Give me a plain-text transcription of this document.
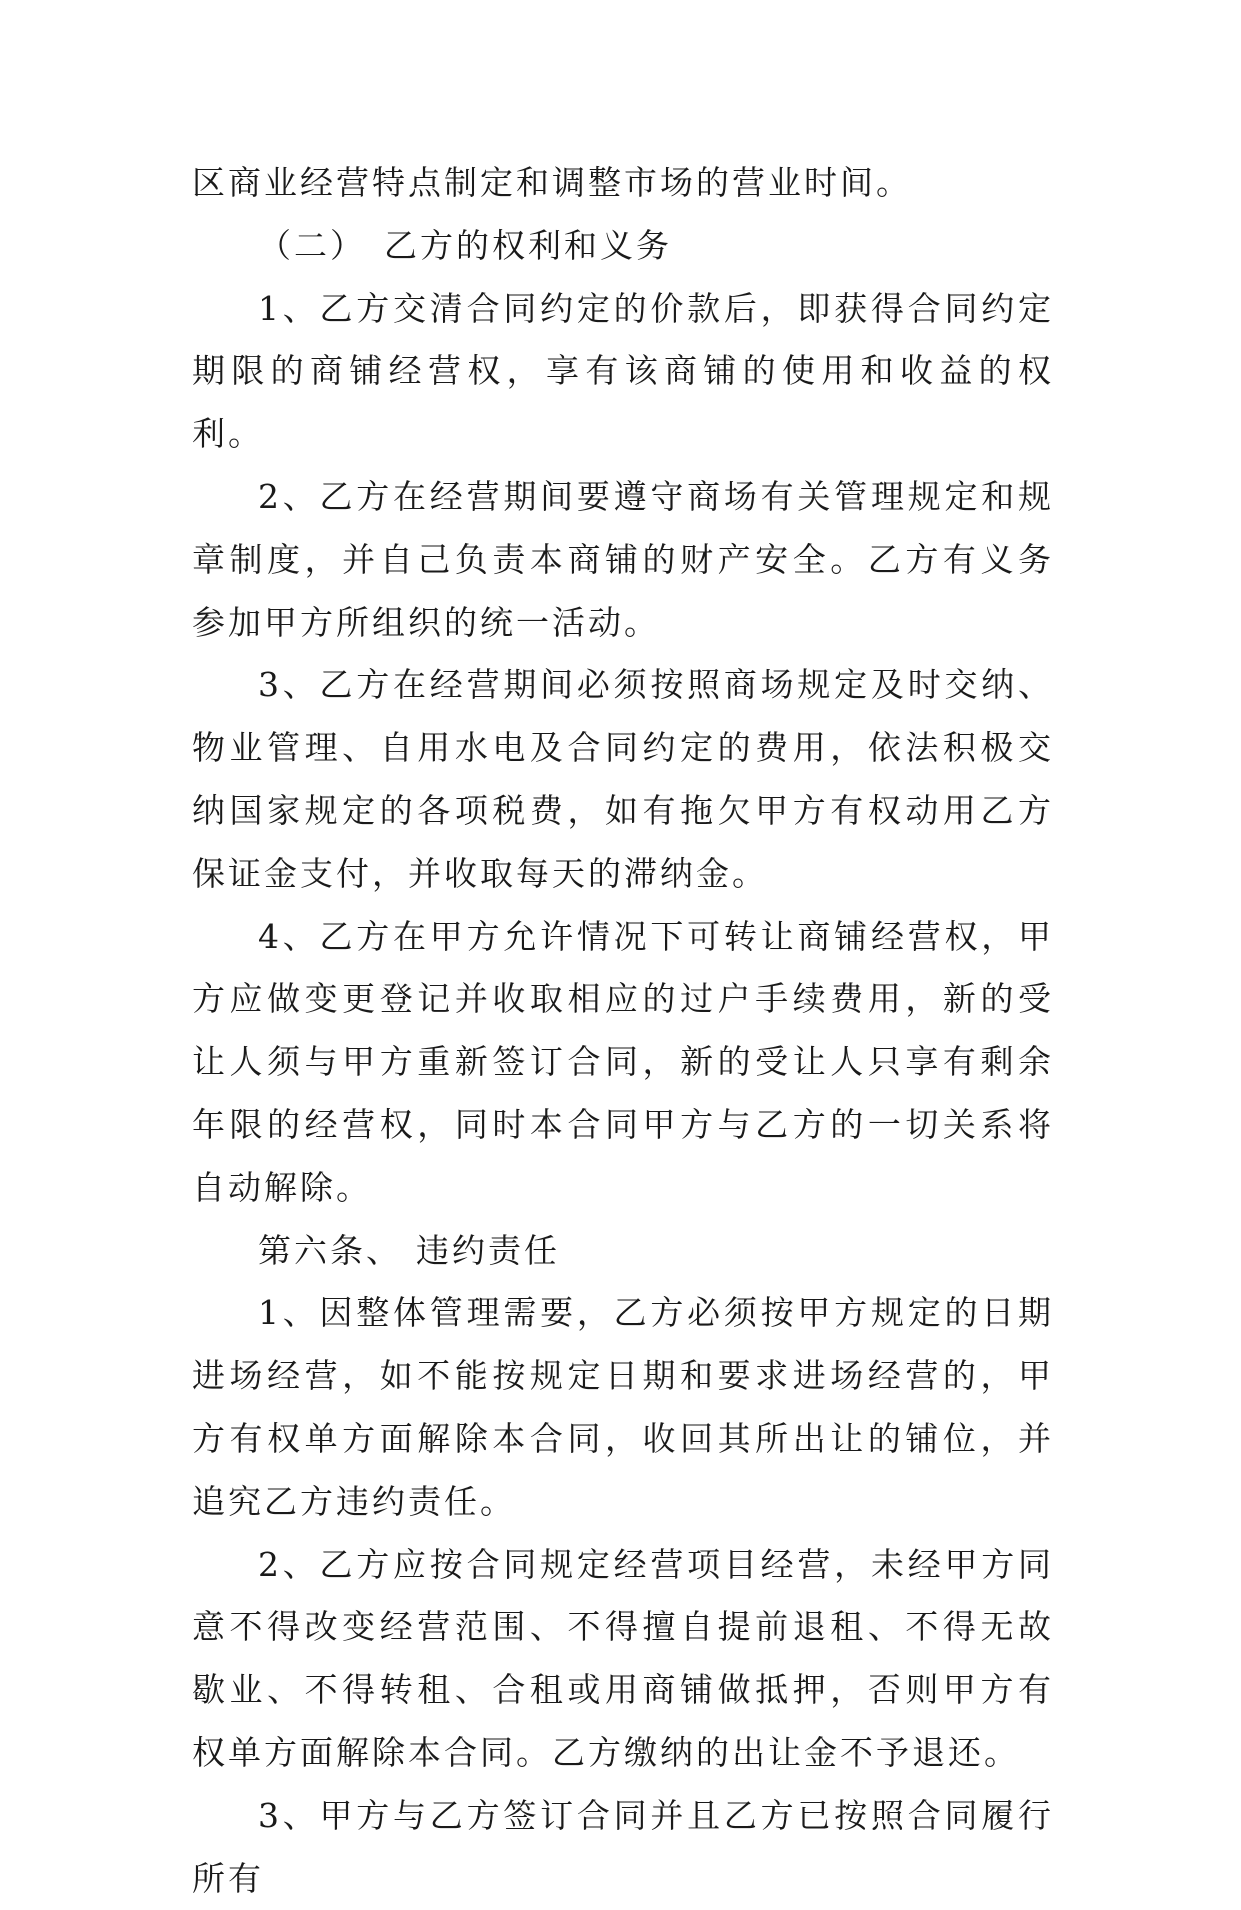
区商业经营特点制定和调整市场的营业时间。

（二） 乙方的权利和义务

1、乙方交清合同约定的价款后，即获得合同约定期限的商铺经营权，享有该商铺的使用和收益的权利。

2、乙方在经营期间要遵守商场有关管理规定和规章制度，并自己负责本商铺的财产安全。乙方有义务参加甲方所组织的统一活动。

3、乙方在经营期间必须按照商场规定及时交纳、物业管理、自用水电及合同约定的费用，依法积极交纳国家规定的各项税费，如有拖欠甲方有权动用乙方保证金支付，并收取每天的滞纳金。

4、乙方在甲方允许情况下可转让商铺经营权，甲方应做变更登记并收取相应的过户手续费用，新的受让人须与甲方重新签订合同，新的受让人只享有剩余年限的经营权，同时本合同甲方与乙方的一切关系将自动解除。

第六条、 违约责任

1、因整体管理需要，乙方必须按甲方规定的日期进场经营，如不能按规定日期和要求进场经营的，甲方有权单方面解除本合同，收回其所出让的铺位，并追究乙方违约责任。

2、乙方应按合同规定经营项目经营，未经甲方同意不得改变经营范围、不得擅自提前退租、不得无故歇业、不得转租、合租或用商铺做抵押，否则甲方有权单方面解除本合同。乙方缴纳的出让金不予退还。

3、甲方与乙方签订合同并且乙方已按照合同履行所有
